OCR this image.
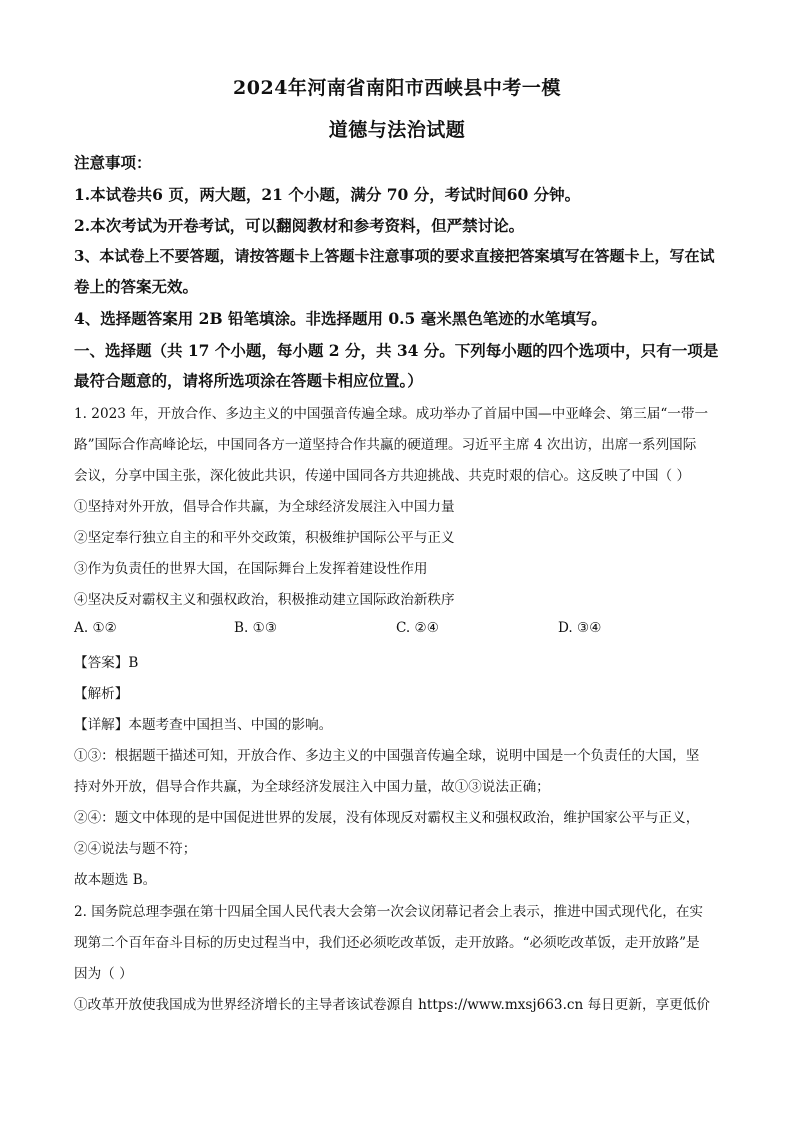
2024年河南省南阳市西峡县中考一模
道德与法治试题
注意事项：
1.本试卷共6 页，两大题，21 个小题，满分 70 分，考试时间60 分钟。
2.本次考试为开卷考试，可以翻阅教材和参考资料，但严禁讨论。
3、本试卷上不要答题，请按答题卡上答题卡注意事项的要求直接把答案填写在答题卡上，写在试
卷上的答案无效。
4、选择题答案用 2B 铅笔填涂。非选择题用 0.5 毫米黑色笔迹的水笔填写。
一、选择题（共 17 个小题，每小题 2 分，共 34 分。下列每小题的四个选项中，只有一项是
最符合题意的，请将所选项涂在答题卡相应位置。）
1. 2023 年，开放合作、多边主义的中国强音传遍全球。成功举办了首届中国—中亚峰会、第三届“一带一
路”国际合作高峰论坛，中国同各方一道坚持合作共赢的硬道理。习近平主席 4 次出访，出席一系列国际
会议，分享中国主张，深化彼此共识，传递中国同各方共迎挑战、共克时艰的信心。这反映了中国（ ）
①坚持对外开放，倡导合作共赢，为全球经济发展注入中国力量
②坚定奉行独立自主的和平外交政策，积极维护国际公平与正义
③作为负责任的世界大国，在国际舞台上发挥着建设性作用
④坚决反对霸权主义和强权政治，积极推动建立国际政治新秩序
A. ①②	B. ①③	C. ②④	D. ③④
【答案】B
【解析】
【详解】本题考查中国担当、中国的影响。
①③：根据题干描述可知，开放合作、多边主义的中国强音传遍全球，说明中国是一个负责任的大国，坚
持对外开放，倡导合作共赢，为全球经济发展注入中国力量，故①③说法正确；
②④：题文中体现的是中国促进世界的发展，没有体现反对霸权主义和强权政治，维护国家公平与正义，
②④说法与题不符；
故本题选 B。
2. 国务院总理李强在第十四届全国人民代表大会第一次会议闭幕记者会上表示，推进中国式现代化，在实
现第二个百年奋斗目标的历史过程当中，我们还必须吃改革饭，走开放路。“必须吃改革饭，走开放路”是
因为（ ）
①改革开放使我国成为世界经济增长的主导者该试卷源自 https://www.mxsj663.cn 每日更新，享更低价
